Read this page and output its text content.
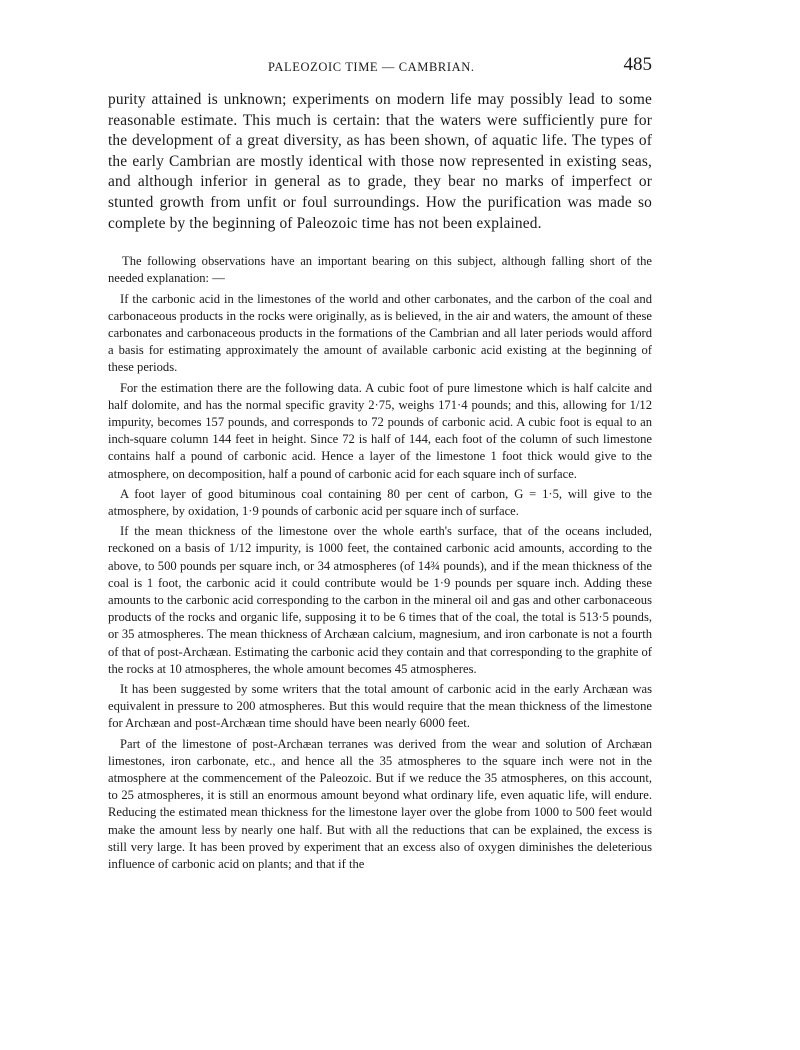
PALEOZOIC TIME — CAMBRIAN.	485

purity attained is unknown; experiments on modern life may possibly lead to some reasonable estimate. This much is certain: that the waters were sufficiently pure for the development of a great diversity, as has been shown, of aquatic life. The types of the early Cambrian are mostly identical with those now represented in existing seas, and although inferior in general as to grade, they bear no marks of imperfect or stunted growth from unfit or foul surroundings. How the purification was made so complete by the beginning of Paleozoic time has not been explained.

The following observations have an important bearing on this subject, although falling short of the needed explanation: —

If the carbonic acid in the limestones of the world and other carbonates, and the carbon of the coal and carbonaceous products in the rocks were originally, as is believed, in the air and waters, the amount of these carbonates and carbonaceous products in the formations of the Cambrian and all later periods would afford a basis for estimating approximately the amount of available carbonic acid existing at the beginning of these periods.

For the estimation there are the following data. A cubic foot of pure limestone which is half calcite and half dolomite, and has the normal specific gravity 2·75, weighs 171·4 pounds; and this, allowing for 1/12 impurity, becomes 157 pounds, and corresponds to 72 pounds of carbonic acid. A cubic foot is equal to an inch-square column 144 feet in height. Since 72 is half of 144, each foot of the column of such limestone contains half a pound of carbonic acid. Hence a layer of the limestone 1 foot thick would give to the atmosphere, on decomposition, half a pound of carbonic acid for each square inch of surface.

A foot layer of good bituminous coal containing 80 per cent of carbon, G = 1·5, will give to the atmosphere, by oxidation, 1·9 pounds of carbonic acid per square inch of surface.

If the mean thickness of the limestone over the whole earth's surface, that of the oceans included, reckoned on a basis of 1/12 impurity, is 1000 feet, the contained carbonic acid amounts, according to the above, to 500 pounds per square inch, or 34 atmospheres (of 14¾ pounds), and if the mean thickness of the coal is 1 foot, the carbonic acid it could contribute would be 1·9 pounds per square inch. Adding these amounts to the carbonic acid corresponding to the carbon in the mineral oil and gas and other carbonaceous products of the rocks and organic life, supposing it to be 6 times that of the coal, the total is 513·5 pounds, or 35 atmospheres. The mean thickness of Archæan calcium, magnesium, and iron carbonate is not a fourth of that of post-Archæan. Estimating the carbonic acid they contain and that corresponding to the graphite of the rocks at 10 atmospheres, the whole amount becomes 45 atmospheres.

It has been suggested by some writers that the total amount of carbonic acid in the early Archæan was equivalent in pressure to 200 atmospheres. But this would require that the mean thickness of the limestone for Archæan and post-Archæan time should have been nearly 6000 feet.

Part of the limestone of post-Archæan terranes was derived from the wear and solution of Archæan limestones, iron carbonate, etc., and hence all the 35 atmospheres to the square inch were not in the atmosphere at the commencement of the Paleozoic. But if we reduce the 35 atmospheres, on this account, to 25 atmospheres, it is still an enormous amount beyond what ordinary life, even aquatic life, will endure. Reducing the estimated mean thickness for the limestone layer over the globe from 1000 to 500 feet would make the amount less by nearly one half. But with all the reductions that can be explained, the excess is still very large. It has been proved by experiment that an excess also of oxygen diminishes the deleterious influence of carbonic acid on plants; and that if the
